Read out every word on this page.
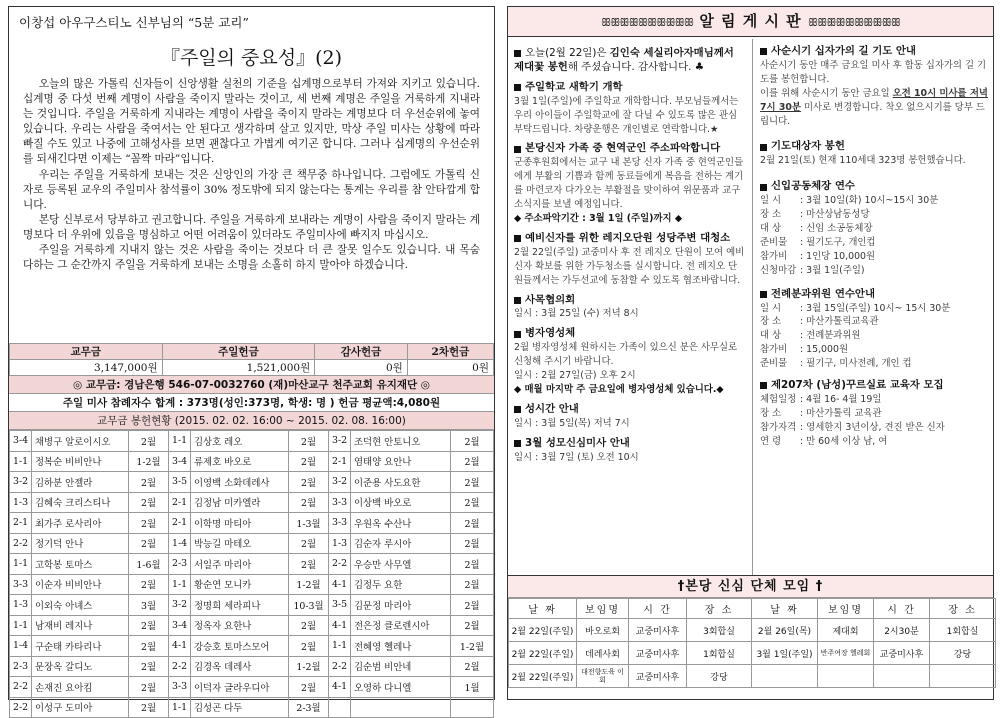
이창섭 아우구스티노 신부님의 “5분 교리”
『주일의 중요성』(2)

오늘의 많은 가톨릭 신자들이 신앙생활 실천의 기준을 십계명으로부터 가져와 지키고 있습니다. 십계명 중 다섯 번째 계명이 사람을 죽이지 말라는 것이고, 세 번째 계명은 주일을 거룩하게 지내라는 것입니다. 주일을 거룩하게 지내라는 계명이 사람을 죽이지 말라는 계명보다 더 우선순위에 놓여 있습니다. 우리는 사람을 죽여서는 안 된다고 생각하며 살고 있지만, 막상 주일 미사는 상황에 따라 빠질 수도 있고 나중에 고해성사를 보면 괜찮다고 가볍게 여기곤 합니다. 그러나 십계명의 우선순위를 되새긴다면 이제는 “꼼짝 마라”입니다.

우리는 주일을 거룩하게 보내는 것은 신앙인의 가장 큰 책무중 하나입니다. 그럼에도 가톨릭 신자로 등록된 교우의 주일미사 참석률이 30% 정도밖에 되지 않는다는 통계는 우리를 참 안타깝게 합니다.

본당 신부로서 당부하고 권고합니다. 주일을 거룩하게 보내라는 계명이 사람을 죽이지 말라는 계명보다 더 우위에 있음을 명심하고 어떤 어려움이 있더라도 주일미사에 빠지지 마십시오.

주일을 거룩하게 지내지 않는 것은 사람을 죽이는 것보다 더 큰 잘못 일수도 있습니다. 내 목숨 다하는 그 순간까지 주일을 거룩하게 보내는 소명을 소홀히 하지 말아야 하겠습니다.

교무금	주일헌금	감사헌금	2차헌금
3,147,000원	1,521,000원	0원	0원
◎ 교무금: 경남은행 546-07-0032760 (재)마산교구 천주교회 유지재단 ◎
주일 미사 참례자수 합계 : 373명(성인:373명, 학생: 명 ) 헌금 평균액:4,080원
교무금 봉헌현황 (2015. 02. 02. 16:00 ~ 2015. 02. 08. 16:00)
3-4	채병구 알로이시오	2월	1-1	김상호 레오	2월	3-2	조덕현 안토니오	2월
1-1	정복순 비비안나	1-2월	3-4	류제호 바오로	2월	2-1	염태양 요안나	2월
3-2	김하분 안젤라	2월	3-5	이영백 소화데레사	2월	3-2	이준용 사도요한	2월
1-3	김혜숙 크리스티나	2월	2-1	김정남 미카엘라	2월	3-3	이상백 바오로	2월
2-1	최가주 로사리아	2월	2-1	이학명 마티아	1-3월	3-3	우원옥 수산나	2월
2-2	정기덕 안나	2월	1-4	박능길 마테오	2월	1-3	김순자 루시아	2월
1-1	고학봉 토마스	1-6월	2-3	서일주 마리아	2월	2-2	우승만 사무엘	2월
3-3	이순자 비비안나	2월	1-1	황순연 모니카	1-2월	4-1	김정두 요한	2월
1-3	이외숙 아녜스	3월	3-2	정명희 세라피나	10-3월	3-5	김문정 마리아	2월
1-1	남재비 레지나	2월	3-4	정옥자 요한나	2월	4-1	전은정 클로렌시아	2월
1-4	구순태 카타리나	2월	4-1	강승호 토마스모어	2월	1-1	전혜영 헬레나	1-2월
2-3	문장옥 갈디노	2월	2-2	김경옥 데레사	1-2월	2-2	김순범 비안네	2월
2-2	손재진 요아킴	2월	3-3	이덕자 글라우디아	2월	4-1	오영하 다니엘	1월
2-2	이성구 도미아	2월	1-1	김성곤 다두	2-3월			
ꕥꕥꕥꕥꕥꕥꕥꕥꕥꕥ 알 림 게 시 판 ꕥꕥꕥꕥꕥꕥꕥꕥꕥꕥ
오늘(2월 22일)은 김인숙 세실리아자매님께서 제대꽃 봉헌해 주셨습니다. 감사합니다. ♣
주일학교 새학기 개학
3월 1일(주일)에 주일학교 개학합니다. 부모님들께서는 우리 아이들이 주일학교에 잘 다닐 수 있도록 많은 관심 부탁드립니다. 차량운행은 개인별로 연락합니다.★
본당신자 가족 중 현역군인 주소파악합니다
군종후원회에서는 교구 내 본당 신자 가족 중 현역군인들에게 부활의 기쁨과 함께 동료들에게 복음을 전하는 계기를 마련코자 다가오는 부활절을 맞이하여 위문품과 교구 소식지를 보낼 예정입니다.
◆ 주소파악기간 : 3월 1일 (주일)까지 ◆
예비신자를 위한 레지오단원 성당주변 대청소
2월 22일(주일) 교중미사 후 전 레지오 단원이 모여 예비신자 확보를 위한 가두청소를 실시합니다. 전 레지오 단원들께서는 가두선교에 동참할 수 있도록 협조바랍니다.
사목협의회
일시 : 3월 25일 (수) 저녁 8시
병자영성체
2월 병자영성체 원하시는 가족이 있으신 분은 사무실로 신청해 주시기 바랍니다.
일시 : 2월 27일(금) 오후 2시
◆ 매월 마지막 주 금요일에 병자영성체 있습니다.◆
성시간 안내
일시 : 3월 5일(목) 저녁 7시
3월 성모신심미사 안내
일시 : 3월 7일 (토) 오전 10시
사순시기 십자가의 길 기도 안내
사순시기 동안 매주 금요일 미사 후 합동 십자가의 길 기도를 봉헌합니다.
이를 위해 사순시기 동안 금요일 오전 10시 미사를 저녁 7시 30분 미사로 변경합니다. 착오 없으시기를 당부 드립니다.
기도대상자 봉헌
2월 21일(토) 현재 110세대 323명 봉헌했습니다.
신입공동체장 연수
일 시	: 3월 10일(화) 10시~15시 30분
장 소	: 마산상남동성당
대 상	: 신임 소공동체장
준비물	: 필기도구, 개인컵
참가비	: 1인당 10,000원
신청마감 : 3월 1일(주일)
전례분과위원 연수안내
일 시	: 3월 15일(주일) 10시~ 15시 30분
장 소	: 마산가톨릭교육관
대 상	: 전례분과위원
참가비	: 15,000원
준비물	: 필기구, 미사전례, 개인 컵
제207차 (남성)꾸르실료 교육자 모집
체험일정 : 4월 16- 4월 19일
장 소	: 마산가톨릭 교육관
참가자격 : 영세한지 3년이상, 견진 받은 신자
연 령	: 만 60세 이상 남, 여
†본당 신심 단체 모임 †
날 짜	보임명	시 간	장 소	날 짜	보임명	시 간	장 소
2월 22일(주일)	바오로회	교중미사후	3회합실	2월 26일(목)	제대회	2시30분	1회합실
2월 22일(주일)	데레사회	교중미사후	1회합실	3월 1일(주일)	반주여장 헬레회	교중미사후	강당
2월 22일(주일)	대전향도육 이회	교중미사후	강당				
